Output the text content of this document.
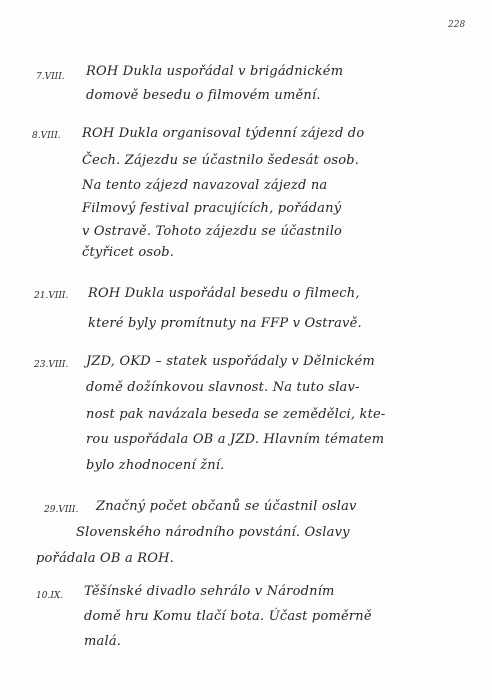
228
7.VIII. ROH Dukla uspořádal v brigádnickém
domově besedu o filmovém umění.
8.VIII. ROH Dukla organisoval týdenní zájezd do
Čech. Zájezdu se účastnilo šedesát osob.
Na tento zájezd navazoval zájezd na
Filmový festival pracujících, pořádaný
v Ostravě. Tohoto zájezdu se účastnilo
čtyřicet osob.
21.VIII. ROH Dukla uspořádal besedu o filmech,
které byly promítnuty na FFP v Ostravě.
23.VIII. JZD, OKD – statek uspořádaly v Dělnickém
domě dožínkovou slavnost. Na tuto slav-
nost pak navázala beseda se zemědělci, kte-
rou uspořádala OB a JZD. Hlavním tématem
bylo zhodnocení žní.
29.VIII. Značný počet občanů se účastnil oslav
Slovenského národního povstání. Oslavy
pořádala OB a ROH.
10.IX. Těšínské divadlo sehrálo v Národním
domě hru Komu tlačí bota. Účast poměrně
malá.
